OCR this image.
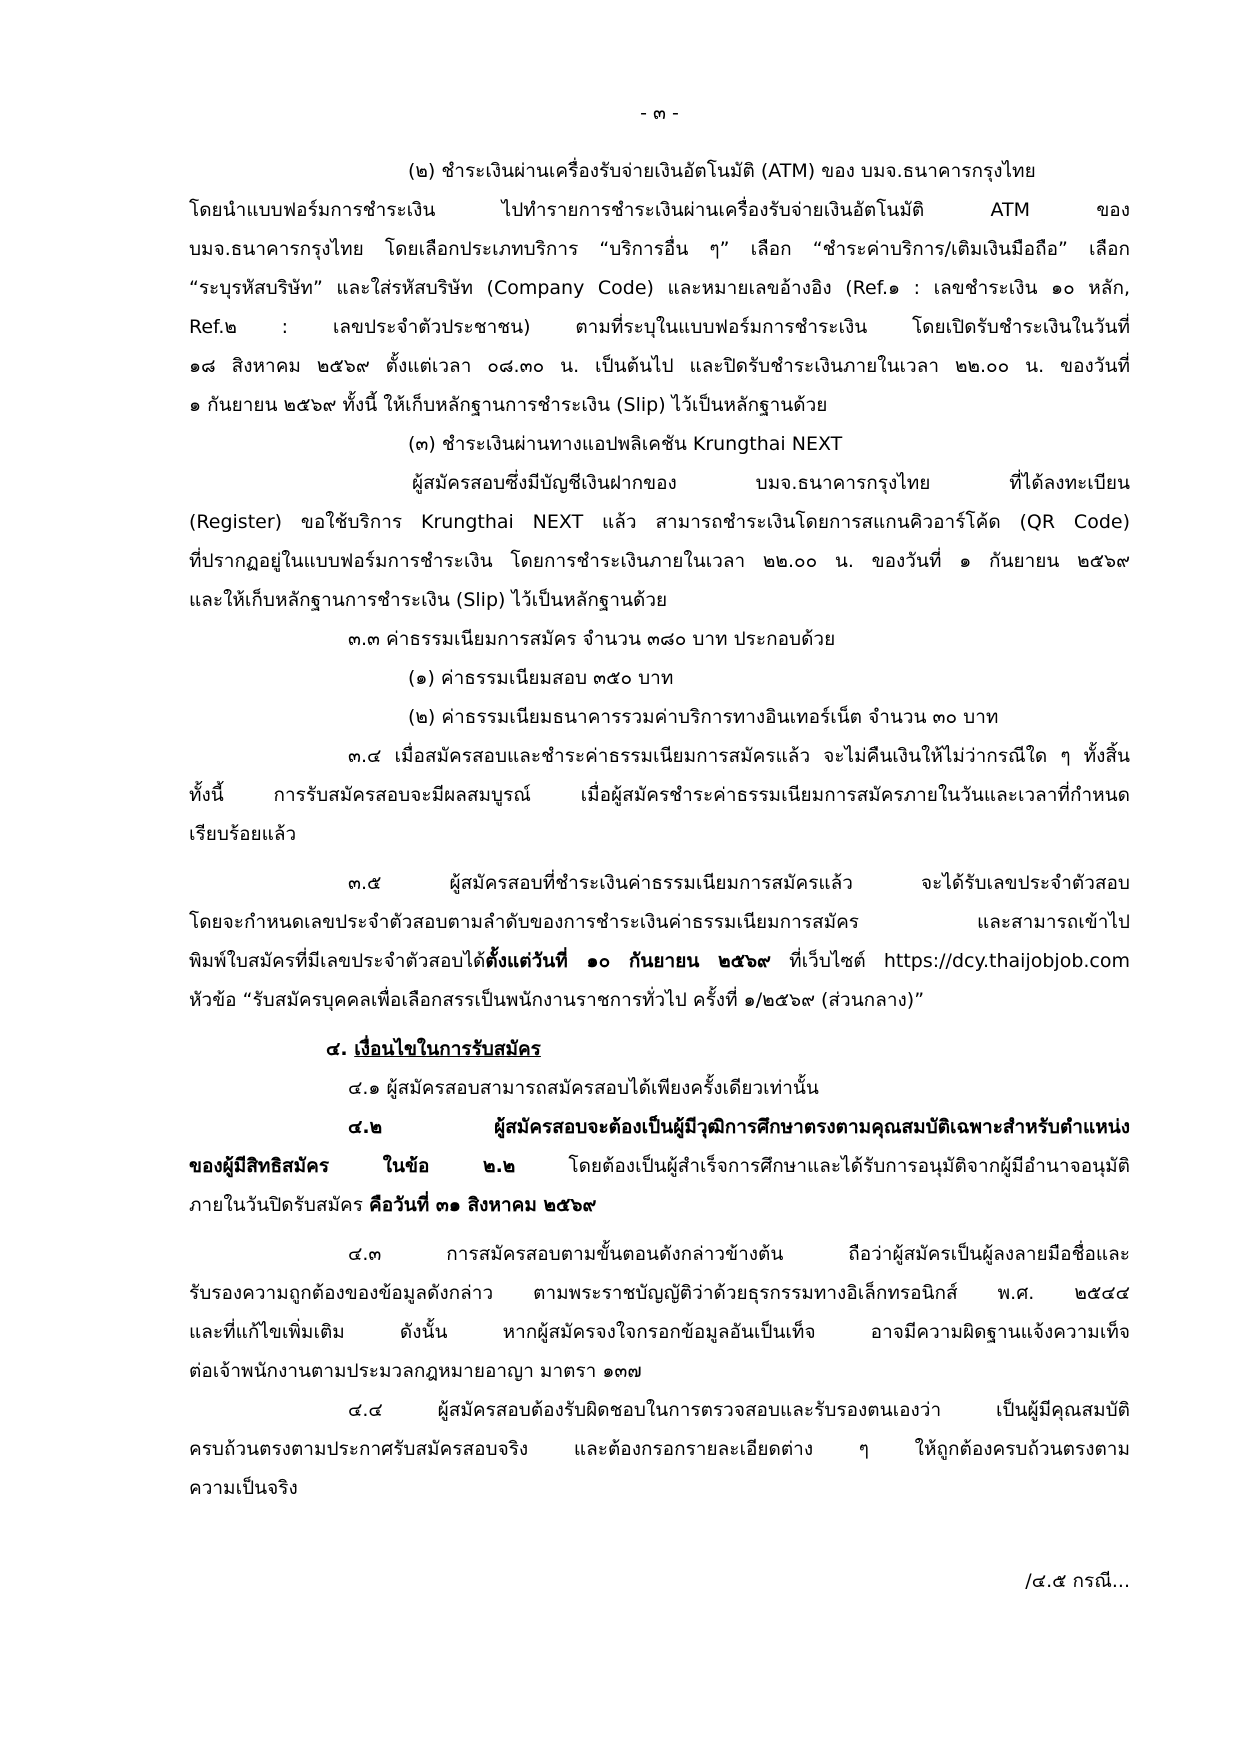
- ๓ -
(๒) ชำระเงินผ่านเครื่องรับจ่ายเงินอัตโนมัติ (ATM) ของ บมจ.ธนาคารกรุงไทย
โดยนำแบบฟอร์มการชำระเงิน ไปทำรายการชำระเงินผ่านเครื่องรับจ่ายเงินอัตโนมัติ ATM ของ
บมจ.ธนาคารกรุงไทย โดยเลือกประเภทบริการ “บริการอื่น ๆ” เลือก “ชำระค่าบริการ/เติมเงินมือถือ” เลือก
“ระบุรหัสบริษัท” และใส่รหัสบริษัท (Company Code) และหมายเลขอ้างอิง (Ref.๑ : เลขชำระเงิน ๑๐ หลัก,
Ref.๒ : เลขประจำตัวประชาชน) ตามที่ระบุในแบบฟอร์มการชำระเงิน โดยเปิดรับชำระเงินในวันที่
๑๘ สิงหาคม ๒๕๖๙ ตั้งแต่เวลา ๐๘.๓๐ น. เป็นต้นไป และปิดรับชำระเงินภายในเวลา ๒๒.๐๐ น. ของวันที่
๑ กันยายน ๒๕๖๙ ทั้งนี้ ให้เก็บหลักฐานการชำระเงิน (Slip) ไว้เป็นหลักฐานด้วย
(๓) ชำระเงินผ่านทางแอปพลิเคชัน Krungthai NEXT
ผู้สมัครสอบซึ่งมีบัญชีเงินฝากของ บมจ.ธนาคารกรุงไทย ที่ได้ลงทะเบียน
(Register) ขอใช้บริการ Krungthai NEXT แล้ว สามารถชำระเงินโดยการสแกนคิวอาร์โค้ด (QR Code)
ที่ปรากฏอยู่ในแบบฟอร์มการชำระเงิน โดยการชำระเงินภายในเวลา ๒๒.๐๐ น. ของวันที่ ๑ กันยายน ๒๕๖๙
และให้เก็บหลักฐานการชำระเงิน (Slip) ไว้เป็นหลักฐานด้วย
๓.๓ ค่าธรรมเนียมการสมัคร จำนวน ๓๘๐ บาท ประกอบด้วย
(๑) ค่าธรรมเนียมสอบ ๓๕๐ บาท
(๒) ค่าธรรมเนียมธนาคารรวมค่าบริการทางอินเทอร์เน็ต จำนวน ๓๐ บาท
๓.๔ เมื่อสมัครสอบและชำระค่าธรรมเนียมการสมัครแล้ว จะไม่คืนเงินให้ไม่ว่ากรณีใด ๆ ทั้งสิ้น
ทั้งนี้ การรับสมัครสอบจะมีผลสมบูรณ์ เมื่อผู้สมัครชำระค่าธรรมเนียมการสมัครภายในวันและเวลาที่กำหนด
เรียบร้อยแล้ว
๓.๕ ผู้สมัครสอบที่ชำระเงินค่าธรรมเนียมการสมัครแล้ว จะได้รับเลขประจำตัวสอบ
โดยจะกำหนดเลขประจำตัวสอบตามลำดับของการชำระเงินค่าธรรมเนียมการสมัคร และสามารถเข้าไป
พิมพ์ใบสมัครที่มีเลขประจำตัวสอบได้ตั้งแต่วันที่ ๑๐ กันยายน ๒๕๖๙ ที่เว็บไซต์ https://dcy.thaijobjob.com
หัวข้อ “รับสมัครบุคคลเพื่อเลือกสรรเป็นพนักงานราชการทั่วไป ครั้งที่ ๑/๒๕๖๙ (ส่วนกลาง)”
๔. เงื่อนไขในการรับสมัคร
๔.๑ ผู้สมัครสอบสามารถสมัครสอบได้เพียงครั้งเดียวเท่านั้น
๔.๒ ผู้สมัครสอบจะต้องเป็นผู้มีวุฒิการศึกษาตรงตามคุณสมบัติเฉพาะสำหรับตำแหน่ง
ของผู้มีสิทธิสมัคร ในข้อ ๒.๒ โดยต้องเป็นผู้สำเร็จการศึกษาและได้รับการอนุมัติจากผู้มีอำนาจอนุมัติ
ภายในวันปิดรับสมัคร คือวันที่ ๓๑ สิงหาคม ๒๕๖๙
๔.๓ การสมัครสอบตามขั้นตอนดังกล่าวข้างต้น ถือว่าผู้สมัครเป็นผู้ลงลายมือชื่อและ
รับรองความถูกต้องของข้อมูลดังกล่าว ตามพระราชบัญญัติว่าด้วยธุรกรรมทางอิเล็กทรอนิกส์ พ.ศ. ๒๕๔๔
และที่แก้ไขเพิ่มเติม ดังนั้น หากผู้สมัครจงใจกรอกข้อมูลอันเป็นเท็จ อาจมีความผิดฐานแจ้งความเท็จ
ต่อเจ้าพนักงานตามประมวลกฎหมายอาญา มาตรา ๑๓๗
๔.๔ ผู้สมัครสอบต้องรับผิดชอบในการตรวจสอบและรับรองตนเองว่า เป็นผู้มีคุณสมบัติ
ครบถ้วนตรงตามประกาศรับสมัครสอบจริง และต้องกรอกรายละเอียดต่าง ๆ ให้ถูกต้องครบถ้วนตรงตาม
ความเป็นจริง
/๔.๕ กรณี...
